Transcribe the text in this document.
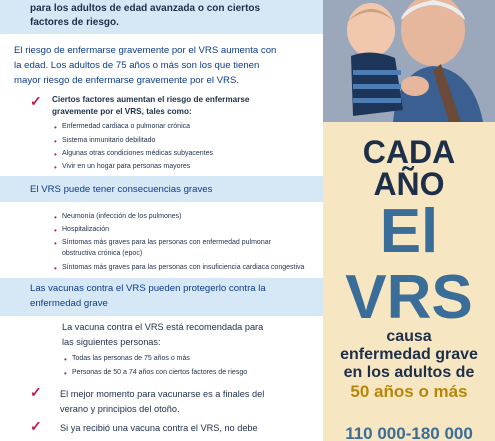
para los adultos de edad avanzada o con ciertos

factores de riesgo.

El riesgo de enfermarse gravemente por el VRS aumenta con

la edad. Los adultos de 75 años o más son los que tienen

mayor riesgo de enfermarse gravemente por el VRS.

✓ Ciertos factores aumentan el riesgo de enfermarse

gravemente por el VRS, tales como:

• Enfermedad cardiaca o pulmonar crónica
• Sistema inmunitario debilitado
• Algunas otras condiciones médicas subyacentes
• Vivir en un hogar para personas mayores

El VRS puede tener consecuencias graves

• Neumonía (infección de los pulmones)
• Hospitalización
• Síntomas más graves para las personas con enfermedad pulmonar
obstructiva crónica (epoc)
• Síntomas más graves para las personas con insuficiencia cardiaca congestiva

Las vacunas contra el VRS pueden protegerlo contra la

enfermedad grave

La vacuna contra el VRS está recomendada para

las siguientes personas:

• Todas las personas de 75 años o más
• Personas de 50 a 74 años con ciertos factores de riesgo
✓ El mejor momento para vacunarse es a finales del

verano y principios del otoño.

✓ Si ya recibió una vacuna contra el VRS, no debe

CADA
AÑO
El
VRS
causa
enfermedad grave
en los adultos de
50 años o más
110 000-180 000
